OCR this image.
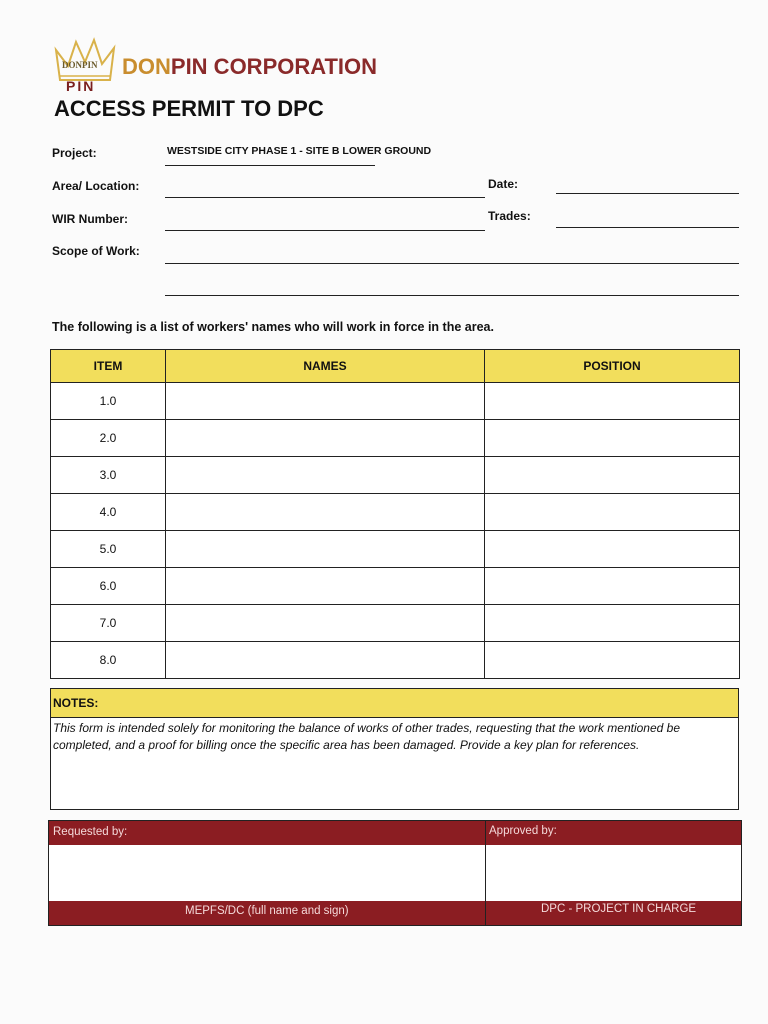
DONPIN
PIN
DONPIN CORPORATION
ACCESS PERMIT TO DPC
Project:	WESTSIDE CITY PHASE 1 - SITE B LOWER GROUND
Area/ Location:	Date:
WIR Number:	Trades:
Scope of Work:
The following is a list of workers' names who will work in force in the area.
ITEM	NAMES	POSITION
1.0		
2.0		
3.0		
4.0		
5.0		
6.0		
7.0		
8.0		
NOTES:
This form is intended solely for monitoring the balance of works of other trades, requesting that the work mentioned be completed, and a proof for billing once the specific area has been damaged. Provide a key plan for references.
Requested by:	Approved by:
MEPFS/DC (full name and sign)	DPC - PROJECT IN CHARGE
